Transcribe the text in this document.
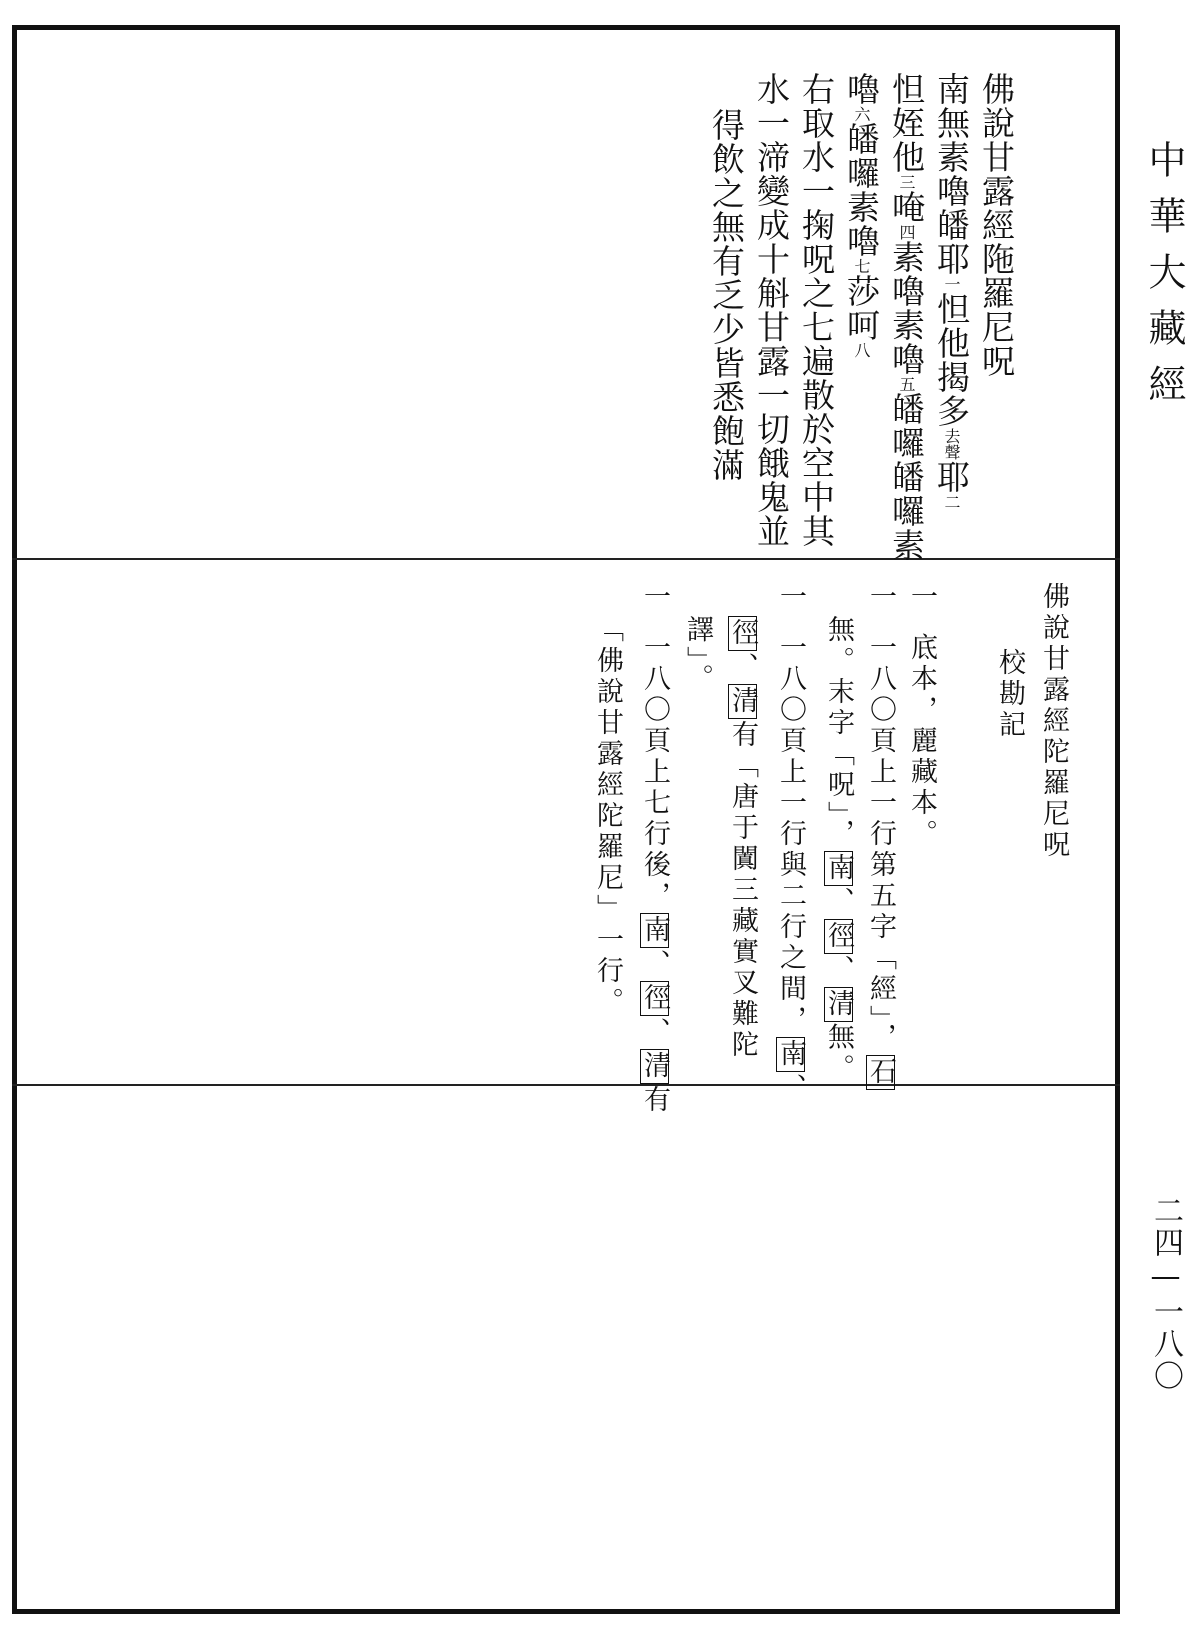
佛說甘露經陁羅尼呪
南無素嚕皤耶一怛他揭多去聲耶二
怛姪他三唵四素嚕素嚕五皤囉皤囉素
嚕六皤囉素嚕七莎呵八
右取水一掬呪之七遍散於空中其
水一渧變成十斛甘露一切餓鬼並
得飲之無有乏少皆悉飽滿
佛說甘露經陀羅尼呪
校勘記
一底本，麗藏本。
一一八〇頁上一行第五字「經」，石
無。末字「呪」，南、徑、清無。
一一八〇頁上一行與二行之間，南、
徑、清有「唐于闐三藏實叉難陀
譯」。
一一八〇頁上七行後，南、徑、清有
「佛說甘露經陀羅尼」一行。
中華大藏經
二四—一八〇
